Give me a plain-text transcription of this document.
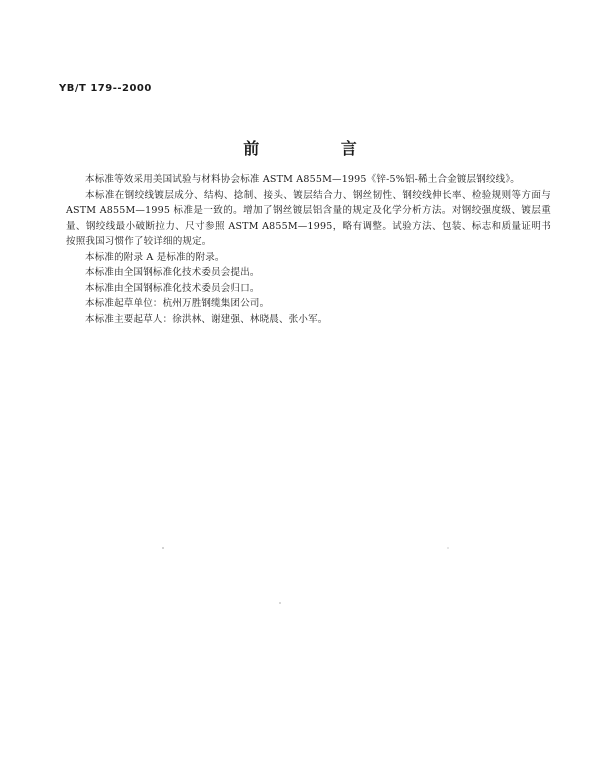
YB/T 179--2000
前 言

本标准等效采用美国试验与材料协会标准 ASTM A855M—1995《锌-5%铝-稀土合金镀层钢绞线》。

本标准在钢绞线镀层成分、结构、捻制、接头、镀层结合力、钢丝韧性、钢绞线伸长率、检验规则等方面与 ASTM A855M—1995 标准是一致的。增加了钢丝镀层铝含量的规定及化学分析方法。对钢绞强度级、镀层重量、钢绞线最小破断拉力、尺寸参照 ASTM A855M—1995，略有调整。试验方法、包装、标志和质量证明书按照我国习惯作了较详细的规定。

本标准的附录 A 是标准的附录。

本标准由全国钢标准化技术委员会提出。

本标准由全国钢标准化技术委员会归口。

本标准起草单位：杭州万胜钢缆集团公司。

本标准主要起草人：徐洪林、谢建强、林晓晨、张小军。
